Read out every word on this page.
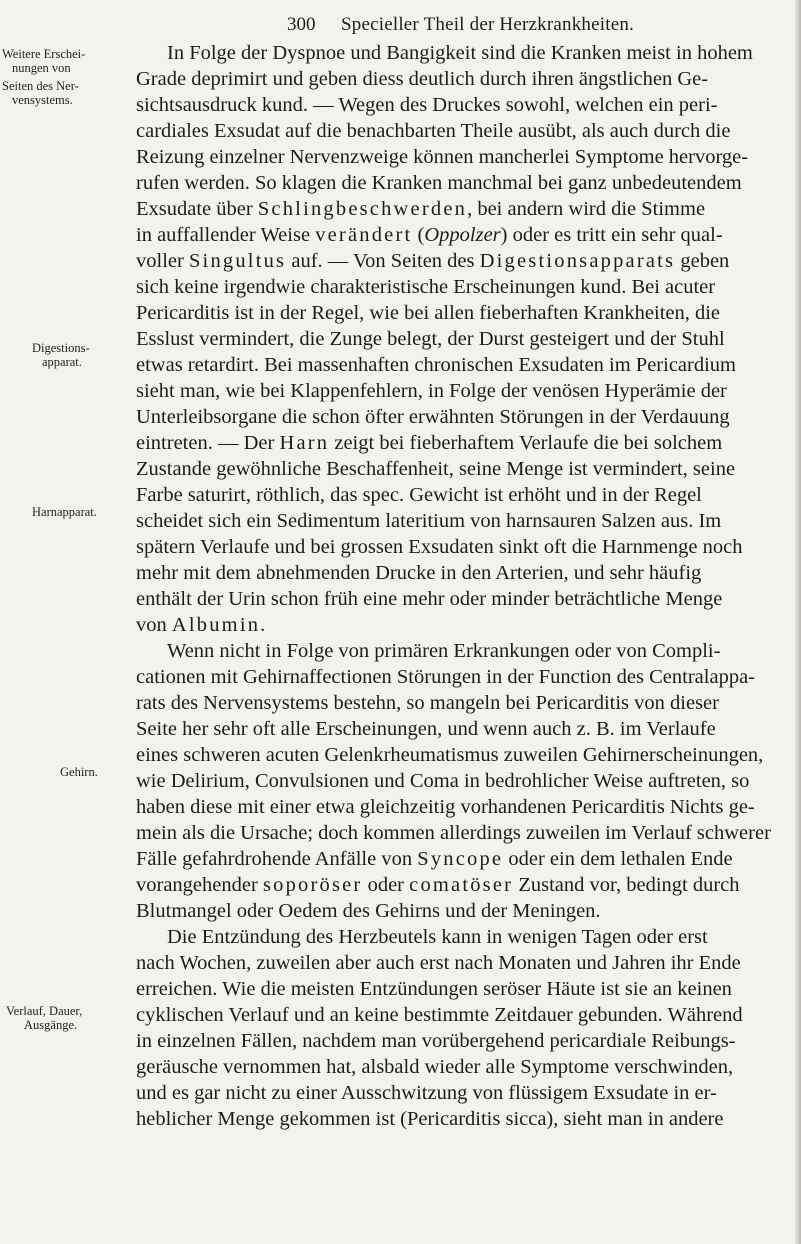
300 Specieller Theil der Herzkrankheiten.
Weitere Erschei-
nungen von
Seiten des Ner-
vensystems.
Digestions-
apparat.
Harnapparat.
Gehirn.
Verlauf, Dauer,
Ausgänge.
In Folge der Dyspnoe und Bangigkeit sind die Kranken meist in hohem
Grade deprimirt und geben diess deutlich durch ihren ängstlichen Ge-
sichtsausdruck kund. — Wegen des Druckes sowohl, welchen ein peri-
cardiales Exsudat auf die benachbarten Theile ausübt, als auch durch die
Reizung einzelner Nervenzweige können mancherlei Symptome hervorge-
rufen werden. So klagen die Kranken manchmal bei ganz unbedeutendem
Exsudate über Schlingbeschwerden, bei andern wird die Stimme
in auffallender Weise verändert (Oppolzer) oder es tritt ein sehr qual-
voller Singultus auf. — Von Seiten des Digestionsapparats geben
sich keine irgendwie charakteristische Erscheinungen kund. Bei acuter
Pericarditis ist in der Regel, wie bei allen fieberhaften Krankheiten, die
Esslust vermindert, die Zunge belegt, der Durst gesteigert und der Stuhl
etwas retardirt. Bei massenhaften chronischen Exsudaten im Pericardium
sieht man, wie bei Klappenfehlern, in Folge der venösen Hyperämie der
Unterleibsorgane die schon öfter erwähnten Störungen in der Verdauung
eintreten. — Der Harn zeigt bei fieberhaftem Verlaufe die bei solchem
Zustande gewöhnliche Beschaffenheit, seine Menge ist vermindert, seine
Farbe saturirt, röthlich, das spec. Gewicht ist erhöht und in der Regel
scheidet sich ein Sedimentum lateritium von harnsauren Salzen aus. Im
spätern Verlaufe und bei grossen Exsudaten sinkt oft die Harnmenge noch
mehr mit dem abnehmenden Drucke in den Arterien, und sehr häufig
enthält der Urin schon früh eine mehr oder minder beträchtliche Menge
von Albumin.
Wenn nicht in Folge von primären Erkrankungen oder von Compli-
cationen mit Gehirnaffectionen Störungen in der Function des Centralappa-
rats des Nervensystems bestehn, so mangeln bei Pericarditis von dieser
Seite her sehr oft alle Erscheinungen, und wenn auch z. B. im Verlaufe
eines schweren acuten Gelenkrheumatismus zuweilen Gehirnerscheinungen,
wie Delirium, Convulsionen und Coma in bedrohlicher Weise auftreten, so
haben diese mit einer etwa gleichzeitig vorhandenen Pericarditis Nichts ge-
mein als die Ursache; doch kommen allerdings zuweilen im Verlauf schwerer
Fälle gefahrdrohende Anfälle von Syncope oder ein dem lethalen Ende
vorangehender soporöser oder comatöser Zustand vor, bedingt durch
Blutmangel oder Oedem des Gehirns und der Meningen.
Die Entzündung des Herzbeutels kann in wenigen Tagen oder erst
nach Wochen, zuweilen aber auch erst nach Monaten und Jahren ihr Ende
erreichen. Wie die meisten Entzündungen seröser Häute ist sie an keinen
cyklischen Verlauf und an keine bestimmte Zeitdauer gebunden. Während
in einzelnen Fällen, nachdem man vorübergehend pericardiale Reibungs-
geräusche vernommen hat, alsbald wieder alle Symptome verschwinden,
und es gar nicht zu einer Ausschwitzung von flüssigem Exsudate in er-
heblicher Menge gekommen ist (Pericarditis sicca), sieht man in andere
